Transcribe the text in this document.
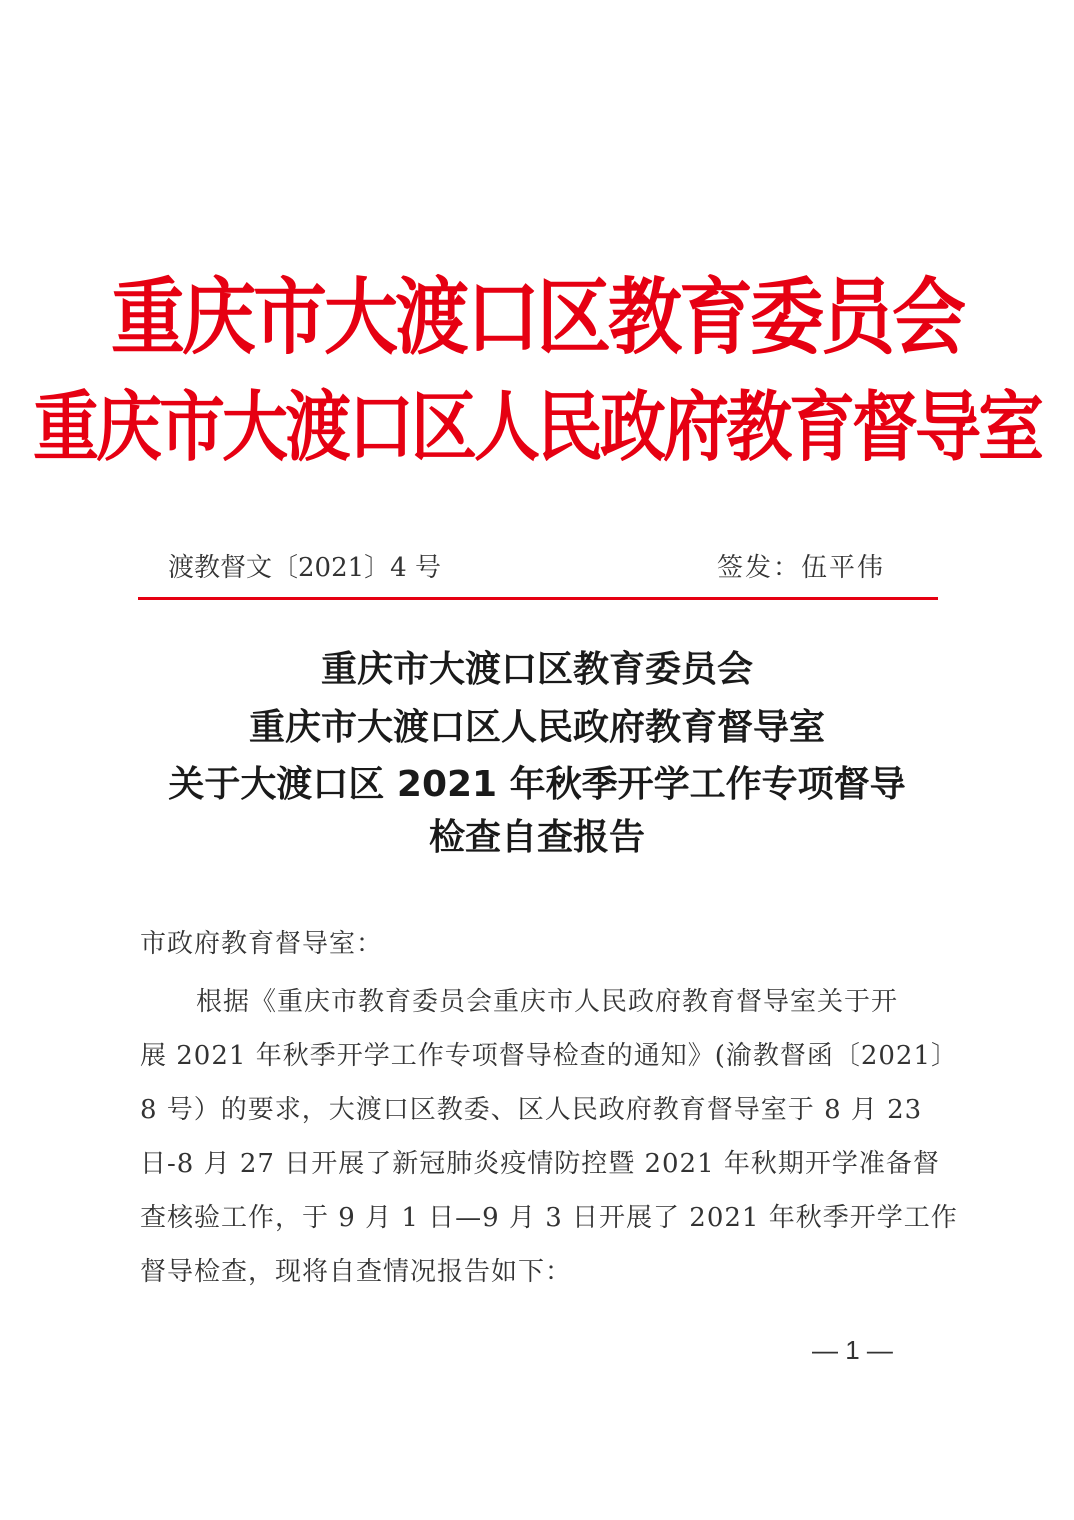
重庆市大渡口区教育委员会
重庆市大渡口区人民政府教育督导室
渡教督文〔2021〕4 号	签发：伍平伟
重庆市大渡口区教育委员会
重庆市大渡口区人民政府教育督导室
关于大渡口区 2021 年秋季开学工作专项督导
检查自查报告
市政府教育督导室：
根据《重庆市教育委员会重庆市人民政府教育督导室关于开
展 2021 年秋季开学工作专项督导检查的通知》(渝教督函〔2021〕
8 号）的要求，大渡口区教委、区人民政府教育督导室于 8 月 23
日-8 月 27 日开展了新冠肺炎疫情防控暨 2021 年秋期开学准备督
查核验工作，于 9 月 1 日—9 月 3 日开展了 2021 年秋季开学工作
督导检查，现将自查情况报告如下：
— 1 —
